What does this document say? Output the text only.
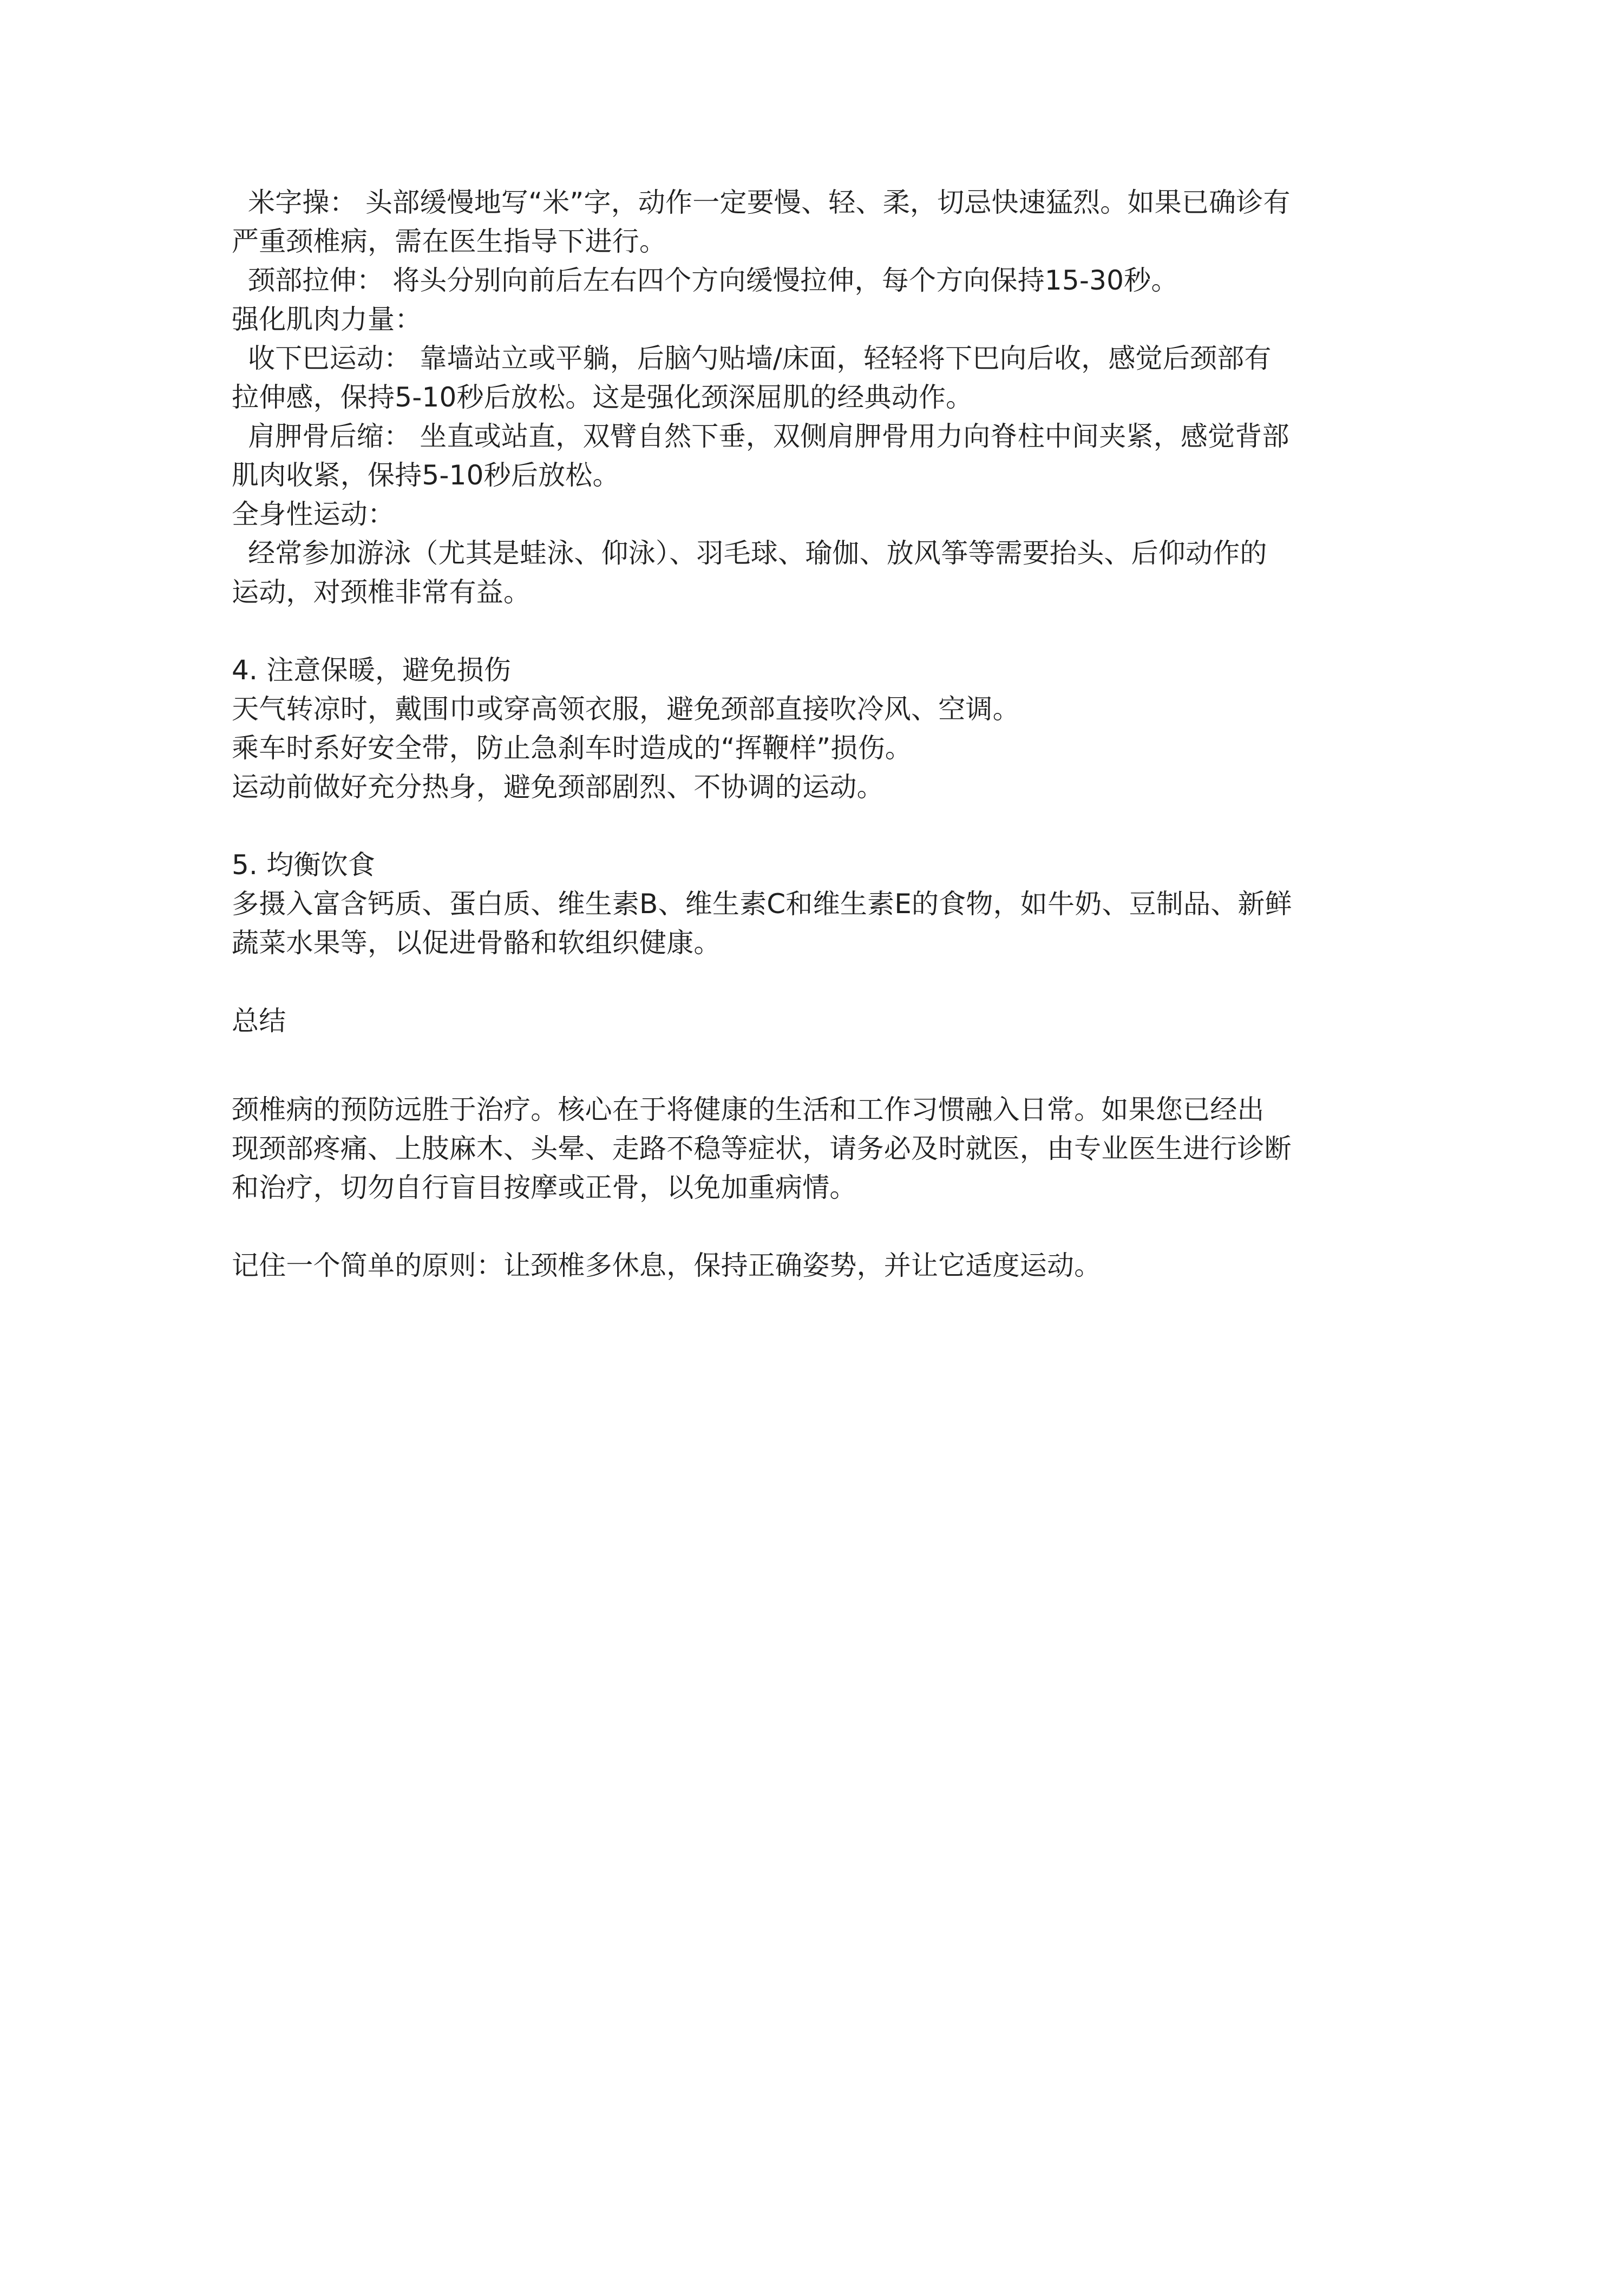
米字操： 头部缓慢地写“米”字，动作一定要慢、轻、柔，切忌快速猛烈。如果已确诊有
严重颈椎病，需在医生指导下进行。
颈部拉伸： 将头分别向前后左右四个方向缓慢拉伸，每个方向保持15-30秒。
强化肌肉力量：
收下巴运动： 靠墙站立或平躺，后脑勺贴墙/床面，轻轻将下巴向后收，感觉后颈部有
拉伸感，保持5-10秒后放松。这是强化颈深屈肌的经典动作。
肩胛骨后缩： 坐直或站直，双臂自然下垂，双侧肩胛骨用力向脊柱中间夹紧，感觉背部
肌肉收紧，保持5-10秒后放松。
全身性运动：
经常参加游泳（尤其是蛙泳、仰泳）、羽毛球、瑜伽、放风筝等需要抬头、后仰动作的
运动，对颈椎非常有益。
4. 注意保暖，避免损伤
天气转凉时，戴围巾或穿高领衣服，避免颈部直接吹冷风、空调。
乘车时系好安全带，防止急刹车时造成的“挥鞭样”损伤。
运动前做好充分热身，避免颈部剧烈、不协调的运动。
5. 均衡饮食
多摄入富含钙质、蛋白质、维生素B、维生素C和维生素E的食物，如牛奶、豆制品、新鲜
蔬菜水果等，以促进骨骼和软组织健康。
总结
颈椎病的预防远胜于治疗。核心在于将健康的生活和工作习惯融入日常。如果您已经出
现颈部疼痛、上肢麻木、头晕、走路不稳等症状，请务必及时就医，由专业医生进行诊断
和治疗，切勿自行盲目按摩或正骨，以免加重病情。
记住一个简单的原则：让颈椎多休息，保持正确姿势，并让它适度运动。
